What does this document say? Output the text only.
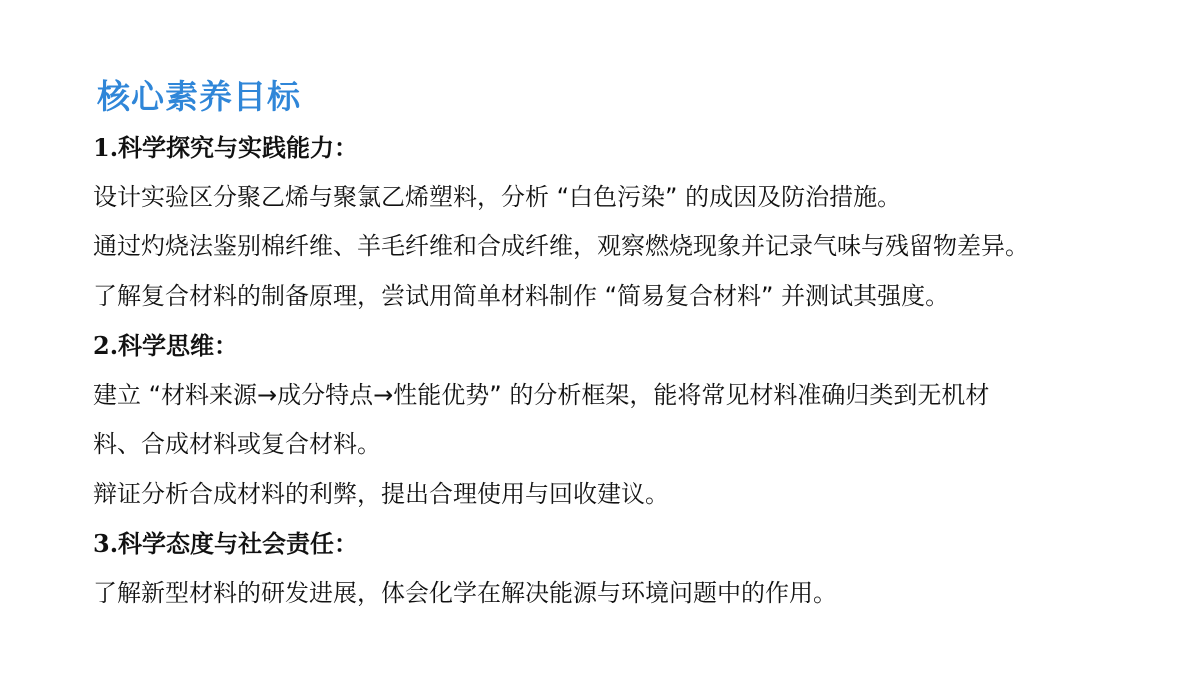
核心素养目标
1.科学探究与实践能力：
设计实验区分聚乙烯与聚氯乙烯塑料，分析 “白色污染” 的成因及防治措施。
通过灼烧法鉴别棉纤维、羊毛纤维和合成纤维，观察燃烧现象并记录气味与残留物差异。
了解复合材料的制备原理，尝试用简单材料制作 “简易复合材料” 并测试其强度。
2.科学思维：
建立 “材料来源→成分特点→性能优势” 的分析框架，能将常见材料准确归类到无机材
料、合成材料或复合材料。
辩证分析合成材料的利弊，提出合理使用与回收建议。
3.科学态度与社会责任：
了解新型材料的研发进展，体会化学在解决能源与环境问题中的作用。
